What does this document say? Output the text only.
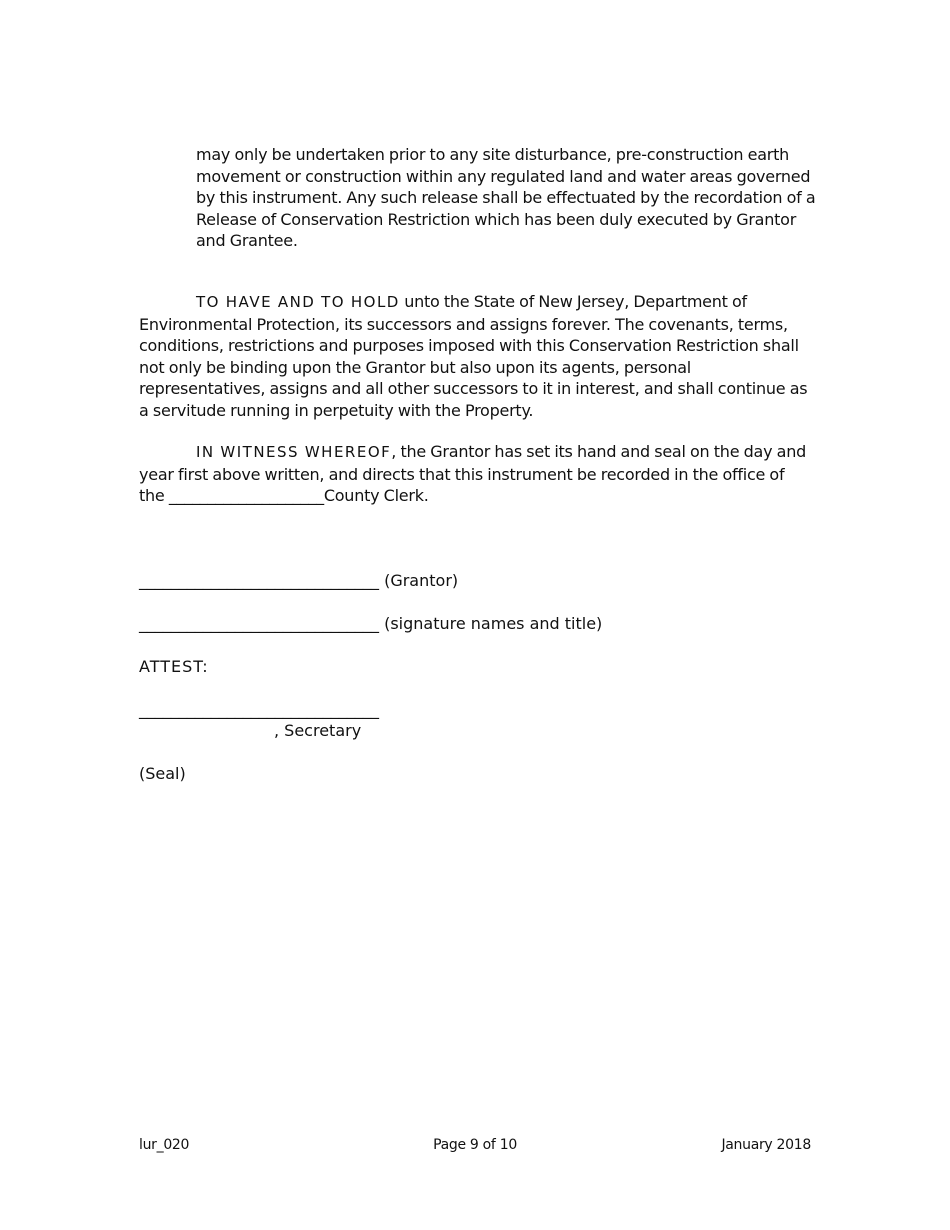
may only be undertaken prior to any site disturbance, pre-construction earth movement or construction within any regulated land and water areas governed by this instrument. Any such release shall be effectuated by the recordation of a Release of Conservation Restriction which has been duly executed by Grantor and Grantee.
TO HAVE AND TO HOLD unto the State of New Jersey, Department of Environmental Protection, its successors and assigns forever. The covenants, terms, conditions, restrictions and purposes imposed with this Conservation Restriction shall not only be binding upon the Grantor but also upon its agents, personal representatives, assigns and all other successors to it in interest, and shall continue as a servitude running in perpetuity with the Property.
IN WITNESS WHEREOF, the Grantor has set its hand and seal on the day and year first above written, and directs that this instrument be recorded in the office of the ____________________County Clerk.
______________________________ (Grantor)
______________________________ (signature names and title)
ATTEST:
______________________________
, Secretary
(Seal)
lur_020	Page 9 of 10	January 2018
